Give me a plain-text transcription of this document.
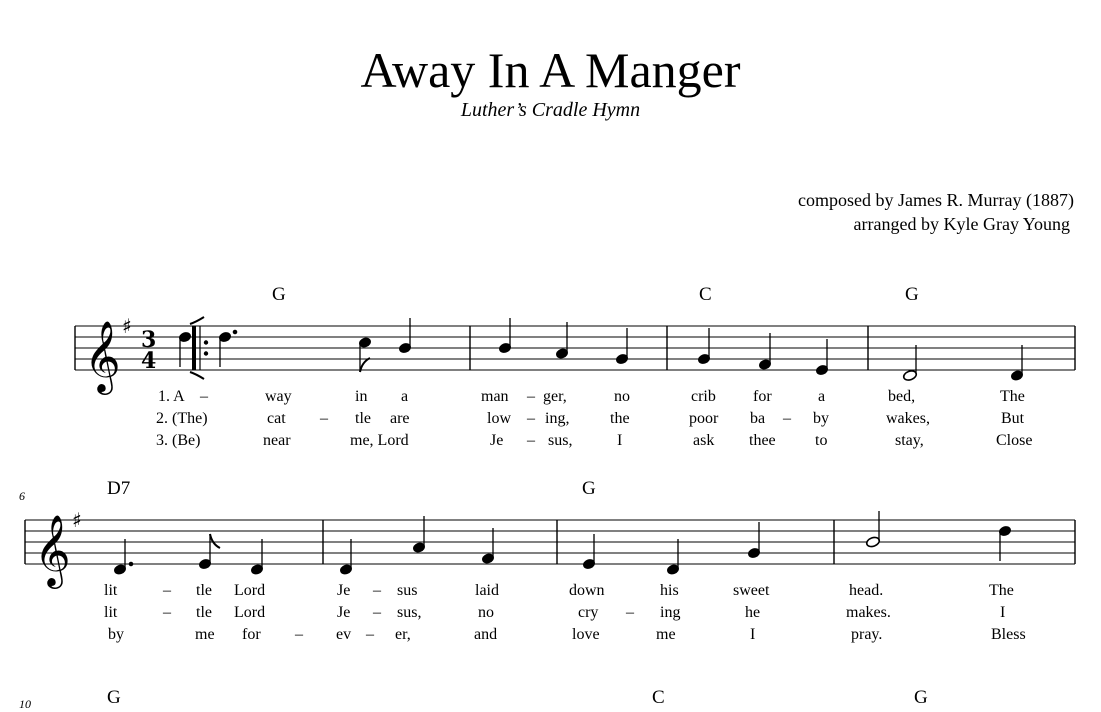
Away In A Manger
Luther’s Cradle Hymn
composed by James R. Murray (1887)
arranged by Kyle Gray Young
𝄞 ♯
3
4
G	C	G
1. A –	way	in a	man – ger,	no	crib for	a	bed,	The
2. (The)	cat – tle are	low – ing,	the	poor ba – by	wakes,	But
3. (Be)	near	me, Lord	Je – sus,	I	ask thee to	stay,	Close
6
𝄞 ♯
D7	G
lit	– tle Lord	Je – sus	laid	down	his	sweet	head.	The
lit	– tle Lord	Je – sus,	no	cry – ing	he	makes.	I
by	me for – ev – er,	and	love	me	I	pray.	Bless
10	G	C	G
